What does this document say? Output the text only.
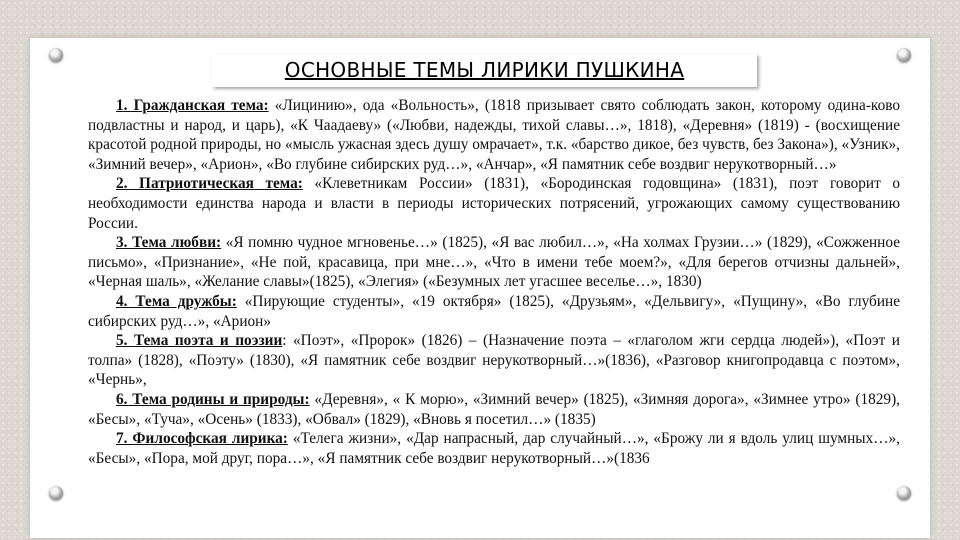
ОСНОВНЫЕ ТЕМЫ ЛИРИКИ ПУШКИНА

1. Гражданская тема: «Лицинию», ода «Вольность», (1818 призывает свято соблюдать закон, которому одина-ково подвластны и народ, и царь), «К Чаадаеву» («Любви, надежды, тихой славы…», 1818), «Деревня» (1819) - (восхищение красотой родной природы, но «мысль ужасная здесь душу омрачает», т.к. «барство дикое, без чувств, без Закона»), «Узник», «Зимний вечер», «Арион», «Во глубине сибирских руд…», «Анчар», «Я памятник себе воздвиг нерукотворный…»

2. Патриотическая тема: «Клеветникам России» (1831), «Бородинская годовщина» (1831), поэт говорит о необходимости единства народа и власти в периоды исторических потрясений, угрожающих самому существованию России.

3. Тема любви: «Я помню чудное мгновенье…» (1825), «Я вас любил…», «На холмах Грузии…» (1829), «Сожженное письмо», «Признание», «Не пой, красавица, при мне…», «Что в имени тебе моем?», «Для берегов отчизны дальней», «Черная шаль», «Желание славы»(1825), «Элегия» («Безумных лет угасшее веселье…», 1830)

4. Тема дружбы: «Пирующие студенты», «19 октября» (1825), «Друзьям», «Дельвигу», «Пущину», «Во глубине сибирских руд…», «Арион»

5. Тема поэта и поэзии: «Поэт», «Пророк» (1826) – (Назначение поэта – «глаголом жги сердца людей»), «Поэт и толпа» (1828), «Поэту» (1830), «Я памятник себе воздвиг нерукотворный…»(1836), «Разговор книгопродавца с поэтом», «Чернь»,

6. Тема родины и природы: «Деревня», « К морю», «Зимний вечер» (1825), «Зимняя дорога», «Зимнее утро» (1829), «Бесы», «Туча», «Осень» (1833), «Обвал» (1829), «Вновь я посетил…» (1835)

7. Философская лирика: «Телега жизни», «Дар напрасный, дар случайный…», «Брожу ли я вдоль улиц шумных…», «Бесы», «Пора, мой друг, пора…», «Я памятник себе воздвиг нерукотворный…»(1836
